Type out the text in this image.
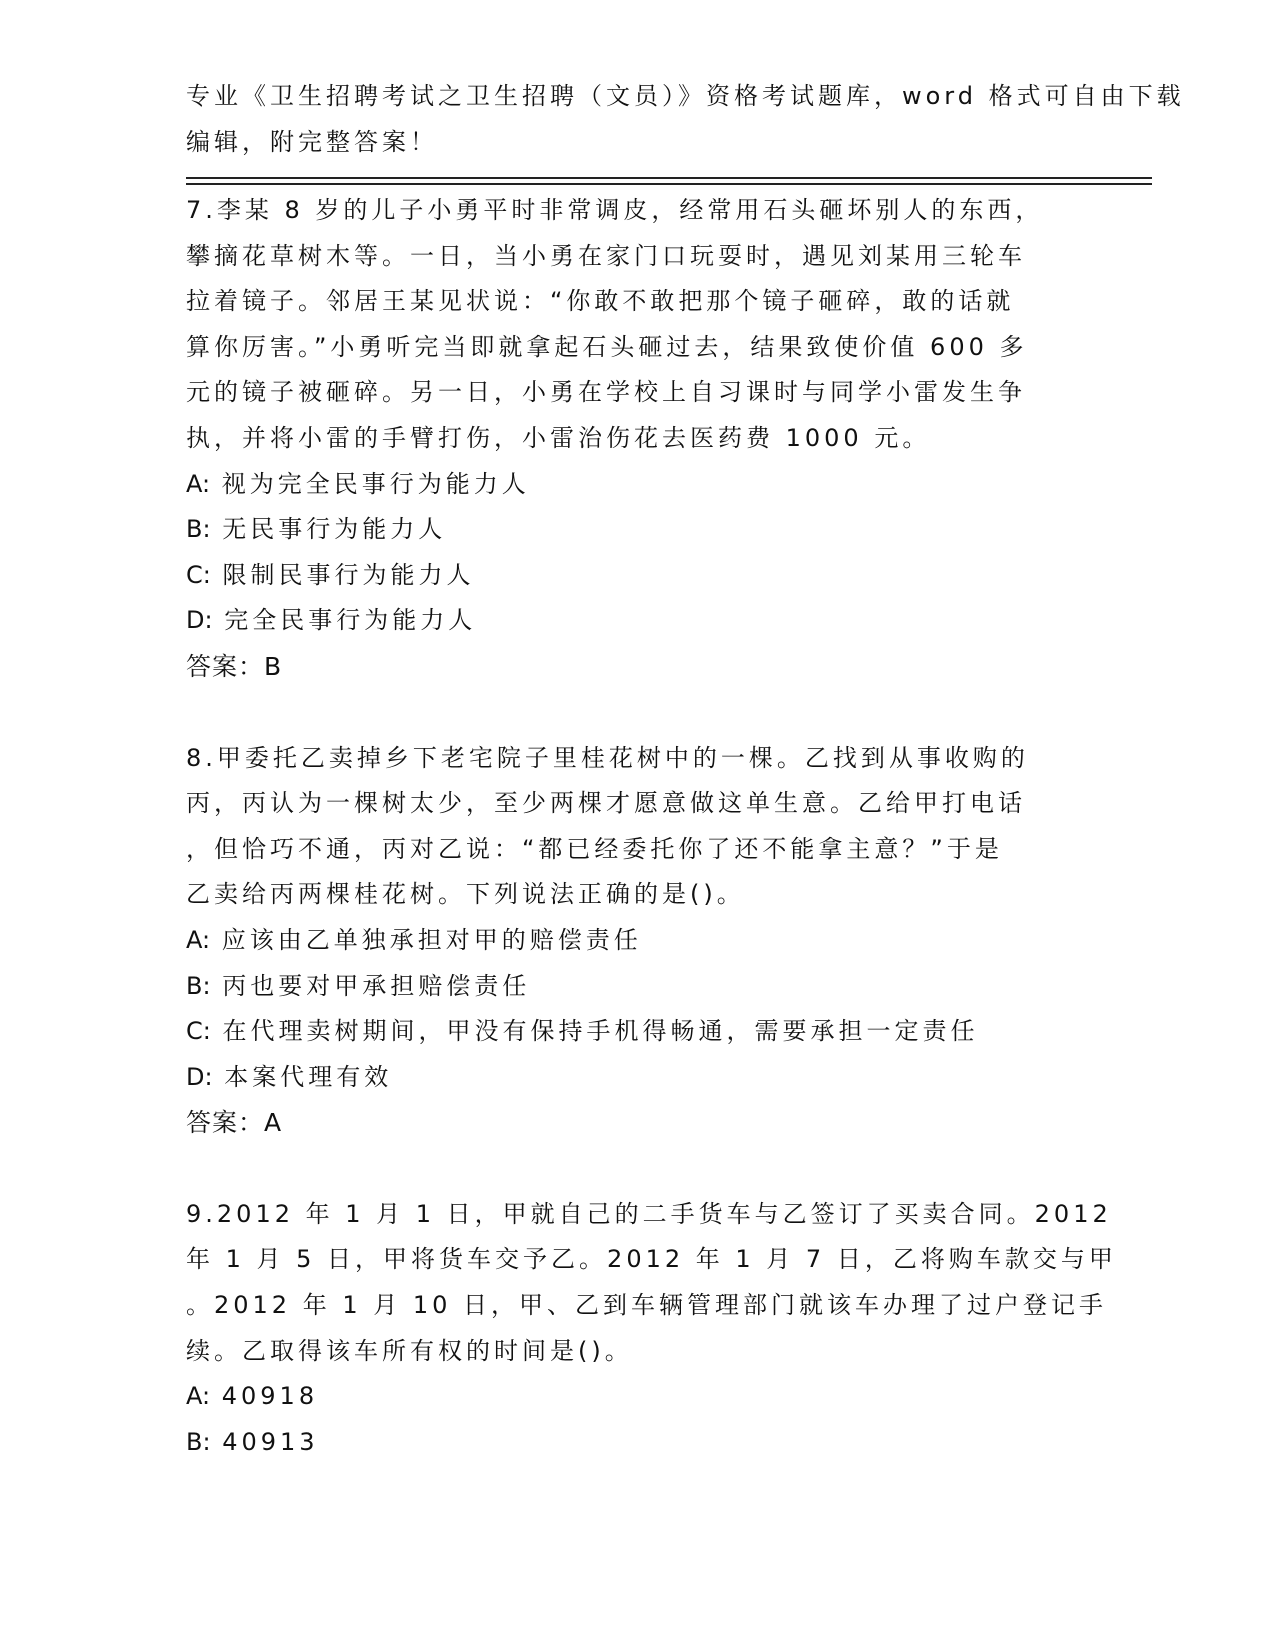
专业《卫生招聘考试之卫生招聘（文员）》资格考试题库，word 格式可自由下载
编辑，附完整答案！
7.李某 8 岁的儿子小勇平时非常调皮，经常用石头砸坏别人的东西，
攀摘花草树木等。一日，当小勇在家门口玩耍时，遇见刘某用三轮车
拉着镜子。邻居王某见状说：“你敢不敢把那个镜子砸碎，敢的话就
算你厉害。”小勇听完当即就拿起石头砸过去，结果致使价值 600 多
元的镜子被砸碎。另一日，小勇在学校上自习课时与同学小雷发生争
执，并将小雷的手臂打伤，小雷治伤花去医药费 1000 元。
A: 视为完全民事行为能力人
B: 无民事行为能力人
C: 限制民事行为能力人
D: 完全民事行为能力人
答案：B
8.甲委托乙卖掉乡下老宅院子里桂花树中的一棵。乙找到从事收购的
丙，丙认为一棵树太少，至少两棵才愿意做这单生意。乙给甲打电话
，但恰巧不通，丙对乙说：“都已经委托你了还不能拿主意？”于是
乙卖给丙两棵桂花树。下列说法正确的是()。
A: 应该由乙单独承担对甲的赔偿责任
B: 丙也要对甲承担赔偿责任
C: 在代理卖树期间，甲没有保持手机得畅通，需要承担一定责任
D: 本案代理有效
答案：A
9.2012 年 1 月 1 日，甲就自己的二手货车与乙签订了买卖合同。2012
年 1 月 5 日，甲将货车交予乙。2012 年 1 月 7 日，乙将购车款交与甲
。2012 年 1 月 10 日，甲、乙到车辆管理部门就该车办理了过户登记手
续。乙取得该车所有权的时间是()。
A: 40918
B: 40913
